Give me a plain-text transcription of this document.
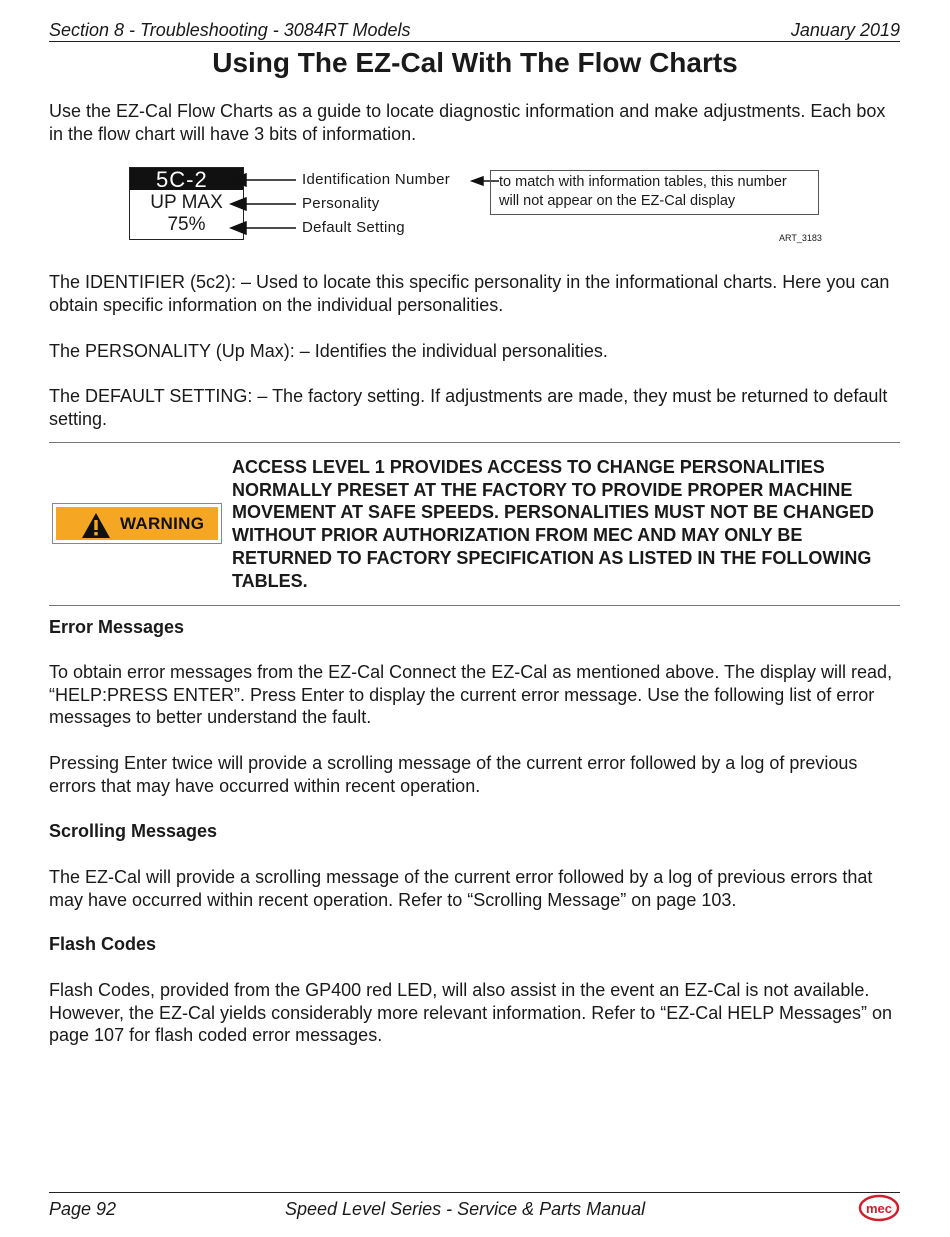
Section 8 - Troubleshooting - 3084RT Models	January 2019
Using The EZ-Cal With The Flow Charts
Use the EZ-Cal Flow Charts as a guide to locate diagnostic information and make adjustments. Each box in the flow chart will have 3 bits of information.
5C-2
UP MAX
75%
Identification Number
Personality
Default Setting
to match with information tables, this number will not appear on the EZ-Cal display
ART_3183
The IDENTIFIER (5c2): – Used to locate this specific personality in the informational charts. Here you can obtain specific information on the individual personalities.
The PERSONALITY (Up Max): – Identifies the individual personalities.
The DEFAULT SETTING: – The factory setting. If adjustments are made, they must be returned to default setting.
WARNING
ACCESS LEVEL 1 PROVIDES ACCESS TO CHANGE PERSONALITIES NORMALLY PRESET AT THE FACTORY TO PROVIDE PROPER MACHINE MOVEMENT AT SAFE SPEEDS. PERSONALITIES MUST NOT BE CHANGED WITHOUT PRIOR AUTHORIZATION FROM MEC AND MAY ONLY BE RETURNED TO FACTORY SPECIFICATION AS LISTED IN THE FOLLOWING TABLES.
Error Messages
To obtain error messages from the EZ-Cal Connect the EZ-Cal as mentioned above. The display will read, “HELP:PRESS ENTER”. Press Enter to display the current error message. Use the following list of error messages to better understand the fault.
Pressing Enter twice will provide a scrolling message of the current error followed by a log of previous errors that may have occurred within recent operation.
Scrolling Messages
The EZ-Cal will provide a scrolling message of the current error followed by a log of previous errors that may have occurred within recent operation. Refer to “Scrolling Message” on page 103.
Flash Codes
Flash Codes, provided from the GP400 red LED, will also assist in the event an EZ-Cal is not available. However, the EZ-Cal yields considerably more relevant information. Refer to “EZ-Cal HELP Messages” on page 107 for flash coded error messages.
Page 92	Speed Level Series - Service & Parts Manual	mec
